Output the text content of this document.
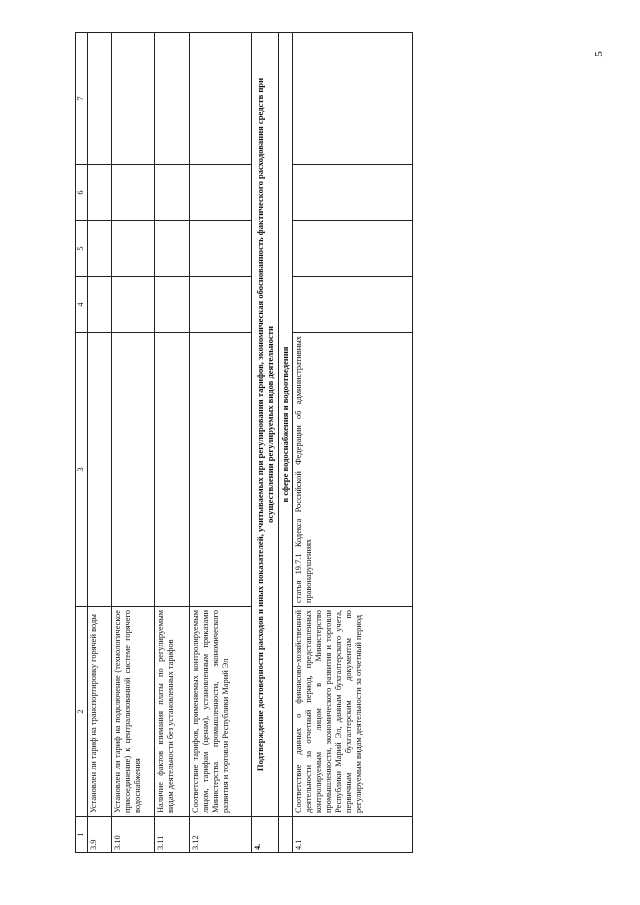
5
1	2	3	4	5	6	7
3.9	Установлен ли тариф на транспортировку горячей воды					
3.10	Установлен ли тариф на подключение (технологическое присоединение) к централизованной системе горячего водоснабжения					
3.11	Наличие фактов взимания платы по регулируемым видам деятельности без установленных тарифов					
3.12	Соответствие тарифов, применяемых контролируемым лицом, тарифам (ценам), установленным приказами Министерства промышленности, экономического развития и торговли Республики Марий Эл					
4.	Подтверждение достоверности расходов и иных показателей, учитываемых при регулировании тарифов, экономическая обоснованность фактического расходования средств при осуществлении регулируемых видов деятельности					
	в сфере водоснабжения и водоотведения					
4.1	Соответствие данных о финансово-хозяйственной деятельности за отчетный период, представленных контролируемым лицом в Министерство промышленности, экономического развития и торговли Республики Марий Эл, данным бухгалтерского учета, первичным бухгалтерским документам по регулируемым видам деятельности за отчетный период	статья 19.7.1 Кодекса Российской Федерации об административных правонарушениях				
